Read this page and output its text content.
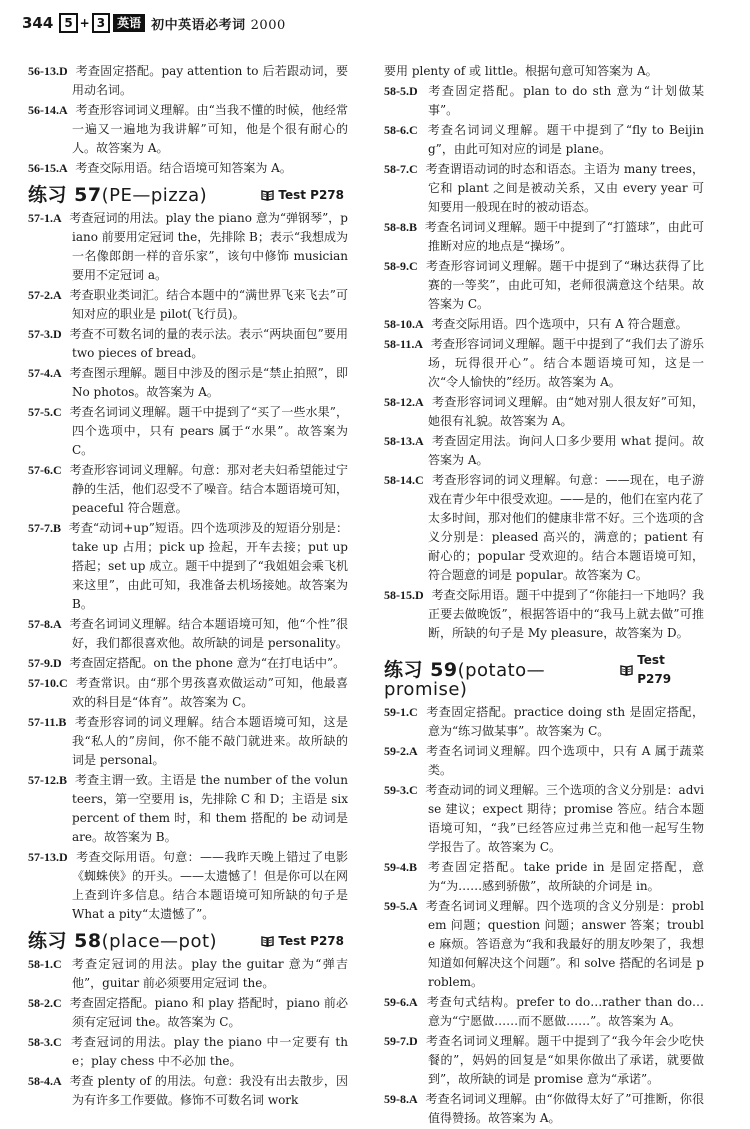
344 5 + 3	英语 初中英语必考词 2000

56-13.D 考查固定搭配。pay attention to 后若跟动词，要用动名词。

56-14.A 考查形容词词义理解。由“当我不懂的时候，他经常一遍又一遍地为我讲解”可知，他是个很有耐心的人。故答案为 A。

56-15.A 考查交际用语。结合语境可知答案为 A。

练习 57(PE—pizza)	Test P278

57-1.A 考查冠词的用法。play the piano 意为“弹钢琴”，piano 前要用定冠词 the，先排除 B；表示“我想成为一名像郎朗一样的音乐家”，该句中修饰 musician 要用不定冠词 a。

57-2.A 考查职业类词汇。结合本题中的“满世界飞来飞去”可知对应的职业是 pilot(飞行员)。

57-3.D 考查不可数名词的量的表示法。表示“两块面包”要用 two pieces of bread。

57-4.A 考查图示理解。题目中涉及的图示是“禁止拍照”，即 No photos。故答案为 A。

57-5.C 考查名词词义理解。题干中提到了“买了一些水果”，四个选项中，只有 pears 属于“水果”。故答案为 C。

57-6.C 考查形容词词义理解。句意：那对老夫妇希望能过宁静的生活，他们忍受不了噪音。结合本题语境可知，peaceful 符合题意。

57-7.B 考查“动词+up”短语。四个选项涉及的短语分别是：take up 占用；pick up 捡起，开车去接；put up 搭起；set up 成立。题干中提到了“我姐姐会乘飞机来这里”，由此可知，我准备去机场接她。故答案为 B。

57-8.A 考查名词词义理解。结合本题语境可知，他“个性”很好，我们都很喜欢他。故所缺的词是 personality。

57-9.D 考查固定搭配。on the phone 意为“在打电话中”。

57-10.C 考查常识。由“那个男孩喜欢做运动”可知，他最喜欢的科目是“体育”。故答案为 C。

57-11.B 考查形容词的词义理解。结合本题语境可知，这是我“私人的”房间，你不能不敲门就进来。故所缺的词是 personal。

57-12.B 考查主谓一致。主语是 the number of the volunteers，第一空要用 is，先排除 C 和 D；主语是 six percent of them 时，和 them 搭配的 be 动词是 are。故答案为 B。

57-13.D 考查交际用语。句意：——我昨天晚上错过了电影《蜘蛛侠》的开头。——太遗憾了！但是你可以在网上查到许多信息。结合本题语境可知所缺的句子是 What a pity“太遗憾了”。

练习 58(place—pot)	Test P278

58-1.C 考查定冠词的用法。play the guitar 意为“弹吉他”，guitar 前必须要用定冠词 the。

58-2.C 考查固定搭配。piano 和 play 搭配时，piano 前必须有定冠词 the。故答案为 C。

58-3.C 考查冠词的用法。play the piano 中一定要有 the；play chess 中不必加 the。

58-4.A 考查 plenty of 的用法。句意：我没有出去散步，因为有许多工作要做。修饰不可数名词 work

要用 plenty of 或 little。根据句意可知答案为 A。

58-5.D 考查固定搭配。plan to do sth 意为“计划做某事”。

58-6.C 考查名词词义理解。题干中提到了“fly to Beijing”，由此可知对应的词是 plane。

58-7.C 考查谓语动词的时态和语态。主语为 many trees，它和 plant 之间是被动关系，又由 every year 可知要用一般现在时的被动语态。

58-8.B 考查名词词义理解。题干中提到了“打篮球”，由此可推断对应的地点是“操场”。

58-9.C 考查形容词词义理解。题干中提到了“琳达获得了比赛的一等奖”，由此可知，老师很满意这个结果。故答案为 C。

58-10.A 考查交际用语。四个选项中，只有 A 符合题意。

58-11.A 考查形容词词义理解。题干中提到了“我们去了游乐场，玩得很开心”。结合本题语境可知，这是一次“令人愉快的”经历。故答案为 A。

58-12.A 考查形容词词义理解。由“她对别人很友好”可知，她很有礼貌。故答案为 A。

58-13.A 考查固定用法。询问人口多少要用 what 提问。故答案为 A。

58-14.C 考查形容词的词义理解。句意：——现在，电子游戏在青少年中很受欢迎。——是的，他们在室内花了太多时间，那对他们的健康非常不好。三个选项的含义分别是：pleased 高兴的，满意的；patient 有耐心的；popular 受欢迎的。结合本题语境可知，符合题意的词是 popular。故答案为 C。

58-15.D 考查交际用语。题干中提到了“你能扫一下地吗？我正要去做晚饭”，根据答语中的“我马上就去做”可推断，所缺的句子是 My pleasure，故答案为 D。

练习 59(potato—promise)
Test P279

59-1.C 考查固定搭配。practice doing sth 是固定搭配，意为“练习做某事”。故答案为 C。

59-2.A 考查名词词义理解。四个选项中，只有 A 属于蔬菜类。

59-3.C 考查动词的词义理解。三个选项的含义分别是：advise 建议；expect 期待；promise 答应。结合本题语境可知，“我”已经答应过弗兰克和他一起写生物学报告了。故答案为 C。

59-4.B 考查固定搭配。take pride in 是固定搭配，意为“为……感到骄傲”，故所缺的介词是 in。

59-5.A 考查名词词义理解。四个选项的含义分别是：problem 问题；question 问题；answer 答案；trouble 麻烦。答语意为“我和我最好的朋友吵架了，我想知道如何解决这个问题”。和 solve 搭配的名词是 problem。

59-6.A 考查句式结构。prefer to do…rather than do…意为“宁愿做……而不愿做……”。故答案为 A。

59-7.D 考查名词词义理解。题干中提到了“我今年会少吃快餐的”，妈妈的回复是“如果你做出了承诺，就要做到”，故所缺的词是 promise 意为“承诺”。

59-8.A 考查名词词义理解。由“你做得太好了”可推断，你很值得赞扬。故答案为 A。
